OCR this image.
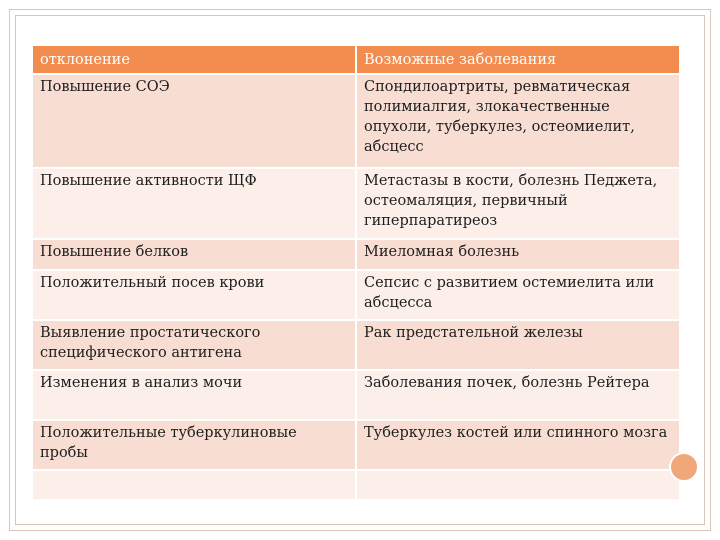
отклонение	Возможные заболевания
Повышение СОЭ	Спондилоартриты, ревматическая полимиалгия, злокачественные опухоли, туберкулез, остеомиелит, абсцесс
Повышение активности ЩФ	Метастазы в кости, болезнь Педжета, остеомаляция, первичный гиперпаратиреоз
Повышение белков	Миеломная болезнь
Положительный посев крови	Сепсис с развитием остемиелита или абсцесса
Выявление простатического специфического антигена	Рак предстательной железы
Изменения в анализ мочи	Заболевания почек, болезнь Рейтера
Положительные туберкулиновые пробы	Туберкулез костей или спинного мозга
